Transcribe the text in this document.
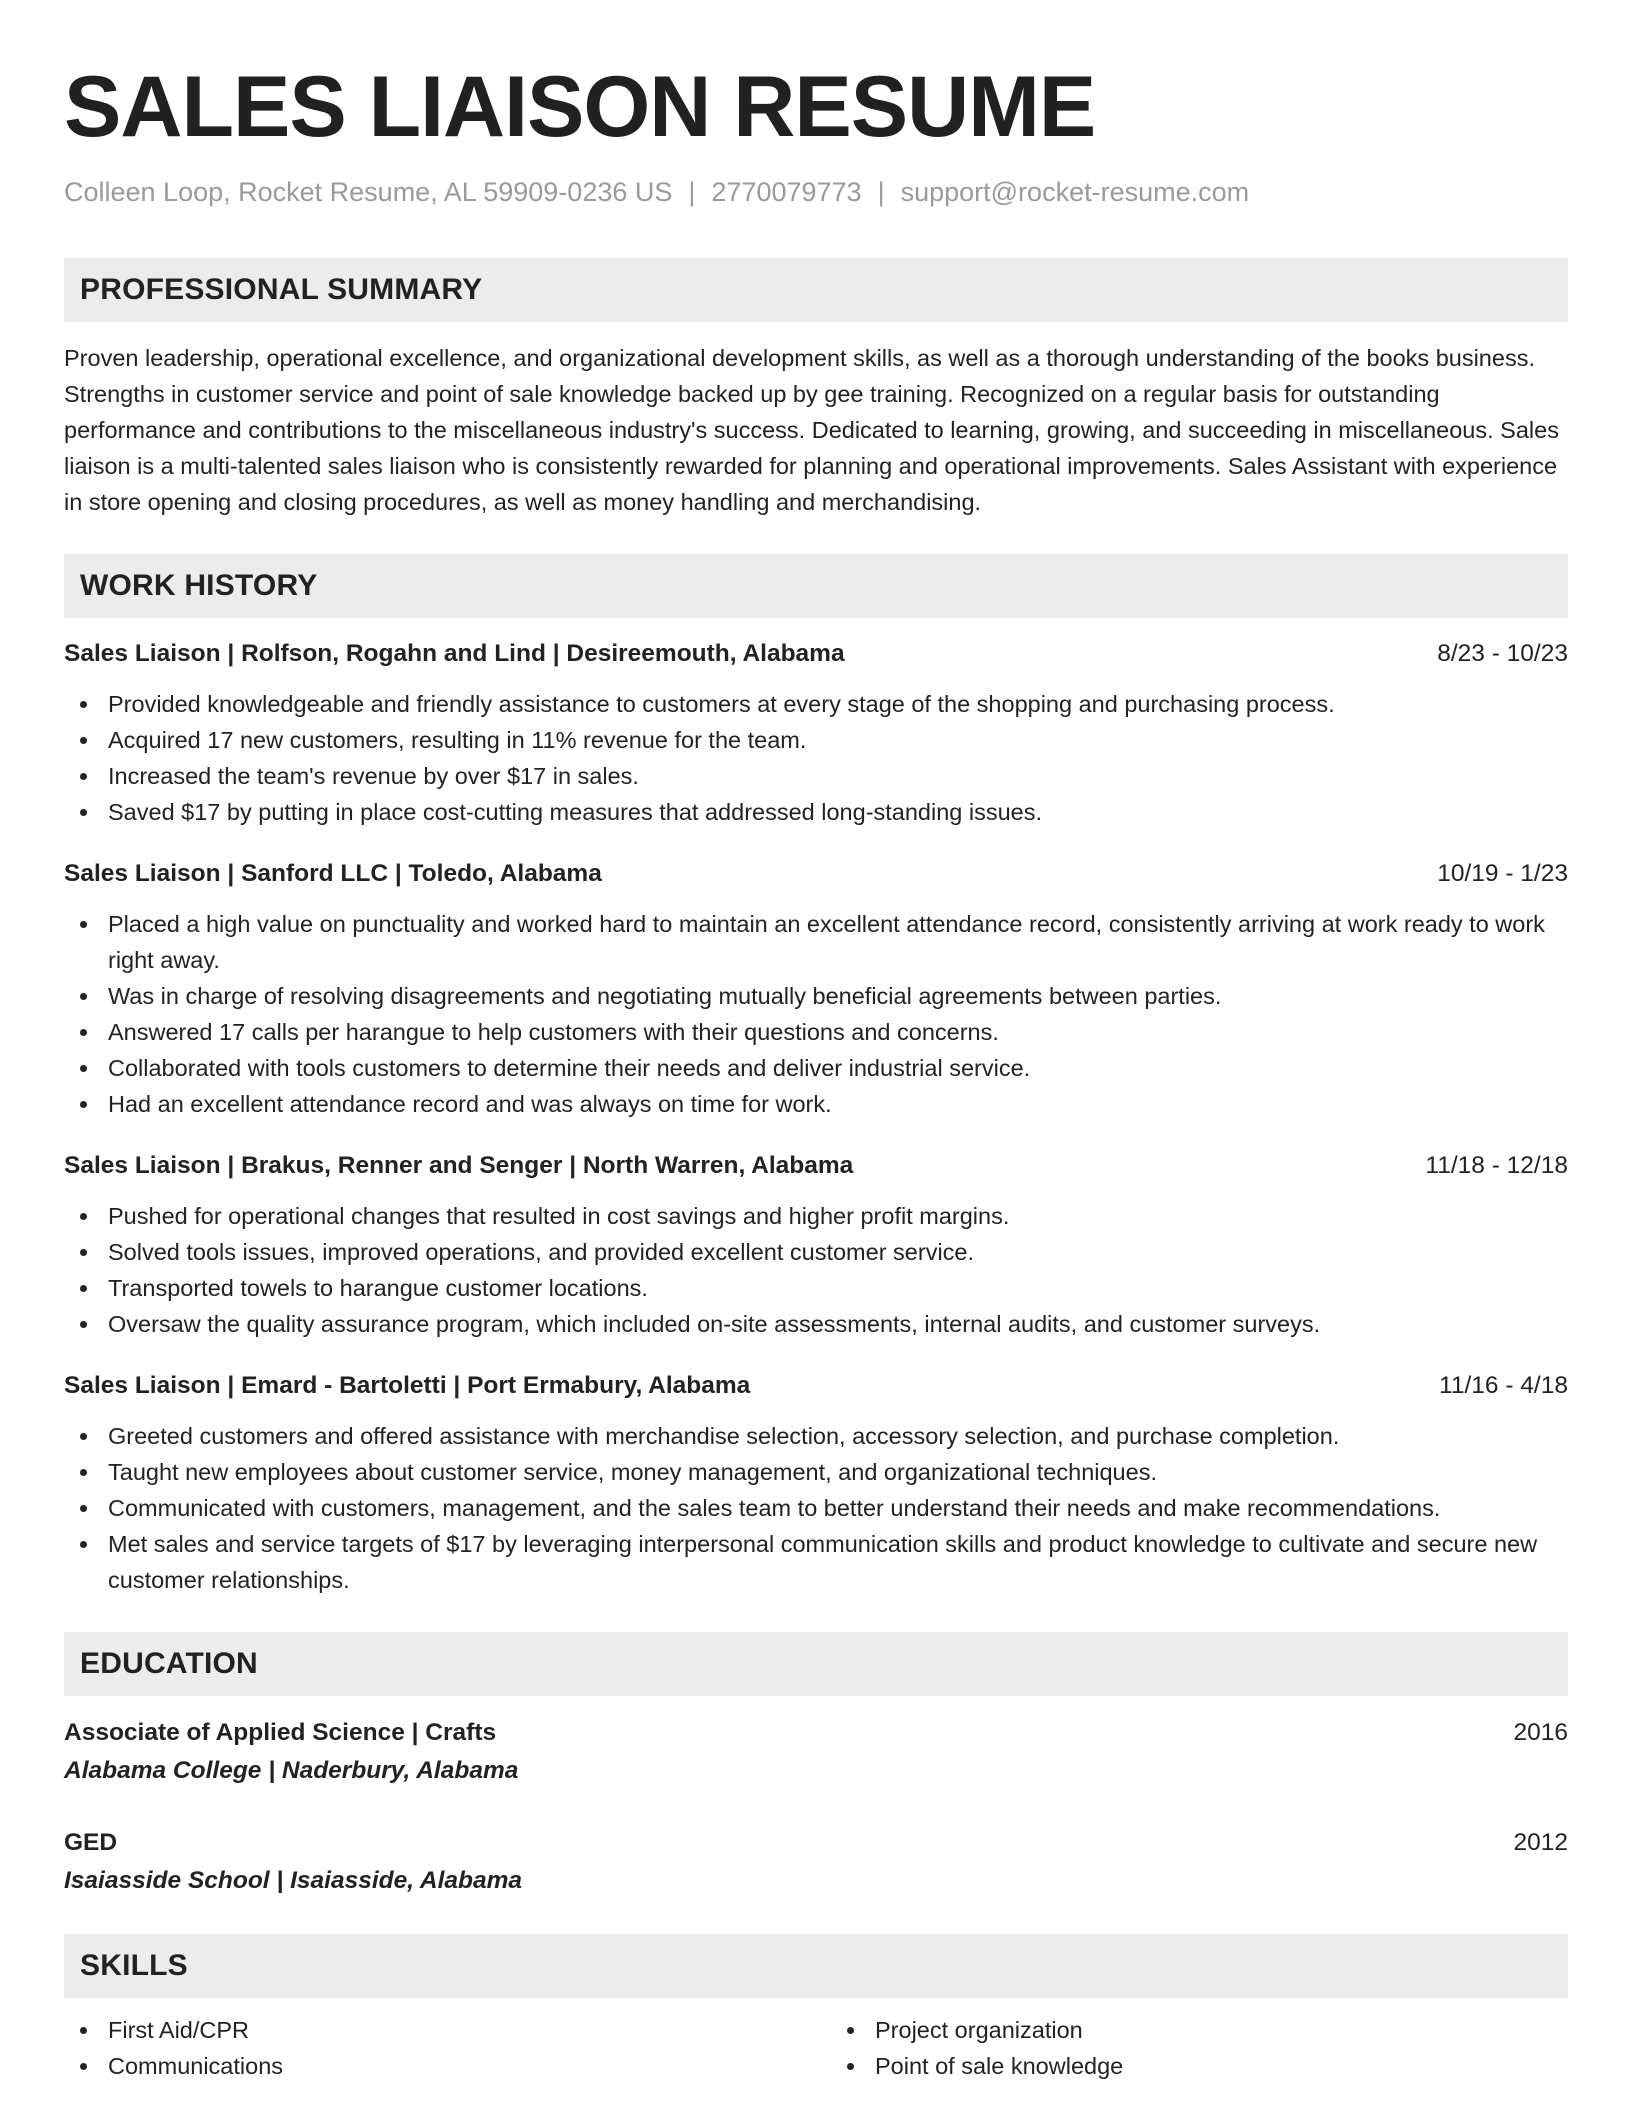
SALES LIAISON RESUME
Colleen Loop, Rocket Resume, AL 59909-0236 US | 2770079773 | support@rocket-resume.com
PROFESSIONAL SUMMARY

Proven leadership, operational excellence, and organizational development skills, as well as a thorough understanding of the books business. Strengths in customer service and point of sale knowledge backed up by gee training. Recognized on a regular basis for outstanding performance and contributions to the miscellaneous industry's success. Dedicated to learning, growing, and succeeding in miscellaneous. Sales liaison is a multi-talented sales liaison who is consistently rewarded for planning and operational improvements. Sales Assistant with experience in store opening and closing procedures, as well as money handling and merchandising.

WORK HISTORY
Sales Liaison | Rolfson, Rogahn and Lind | Desireemouth, Alabama	8/23 - 10/23
Provided knowledgeable and friendly assistance to customers at every stage of the shopping and purchasing process.
Acquired 17 new customers, resulting in 11% revenue for the team.
Increased the team's revenue by over $17 in sales.
Saved $17 by putting in place cost-cutting measures that addressed long-standing issues.
Sales Liaison | Sanford LLC | Toledo, Alabama	10/19 - 1/23
Placed a high value on punctuality and worked hard to maintain an excellent attendance record, consistently arriving at work ready to work right away.
Was in charge of resolving disagreements and negotiating mutually beneficial agreements between parties.
Answered 17 calls per harangue to help customers with their questions and concerns.
Collaborated with tools customers to determine their needs and deliver industrial service.
Had an excellent attendance record and was always on time for work.
Sales Liaison | Brakus, Renner and Senger | North Warren, Alabama	11/18 - 12/18
Pushed for operational changes that resulted in cost savings and higher profit margins.
Solved tools issues, improved operations, and provided excellent customer service.
Transported towels to harangue customer locations.
Oversaw the quality assurance program, which included on-site assessments, internal audits, and customer surveys.
Sales Liaison | Emard - Bartoletti | Port Ermabury, Alabama	11/16 - 4/18
Greeted customers and offered assistance with merchandise selection, accessory selection, and purchase completion.
Taught new employees about customer service, money management, and organizational techniques.
Communicated with customers, management, and the sales team to better understand their needs and make recommendations.
Met sales and service targets of $17 by leveraging interpersonal communication skills and product knowledge to cultivate and secure new customer relationships.
EDUCATION
Associate of Applied Science | Crafts	2016
Alabama College | Naderbury, Alabama
GED	2012
Isaiasside School | Isaiasside, Alabama
SKILLS
First Aid/CPR
Communications
Project organization
Point of sale knowledge
